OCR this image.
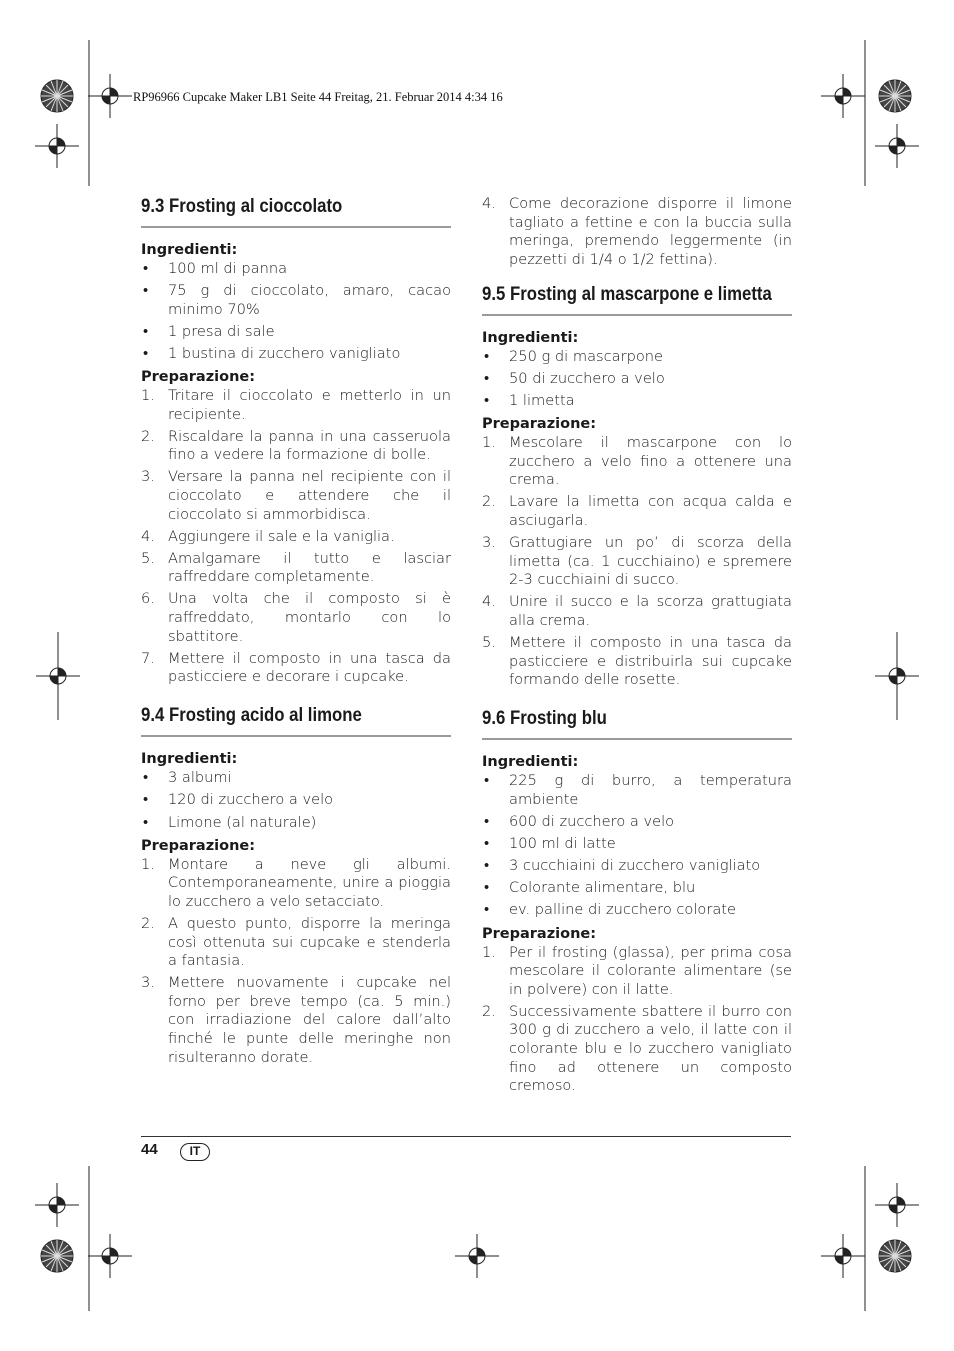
RP96966 Cupcake Maker LB1 Seite 44 Freitag, 21. Februar 2014 4:34 16
9.3 Frosting al cioccolato

Ingredienti:

• 100 ml di panna
• 75 g di cioccolato, amaro, cacao minimo 70%
• 1 presa di sale
• 1 bustina di zucchero vanigliato

Preparazione:

1. Tritare il cioccolato e metterlo in un recipiente.
2. Riscaldare la panna in una casseruola fino a vedere la formazione di bolle.
3. Versare la panna nel recipiente con il cioccolato e attendere che il cioccolato si ammorbidisca.
4. Aggiungere il sale e la vaniglia.
5. Amalgamare il tutto e lasciar raffreddare completamente.
6. Una volta che il composto si è raffreddato, montarlo con lo sbattitore.
7. Mettere il composto in una tasca da pasticciere e decorare i cupcake.
9.4 Frosting acido al limone

Ingredienti:

• 3 albumi
• 120 di zucchero a velo
• Limone (al naturale)

Preparazione:

1. Montare a neve gli albumi. Contemporaneamente, unire a pioggia lo zucchero a velo setacciato.
2. A questo punto, disporre la meringa così ottenuta sui cupcake e stenderla a fantasia.
3. Mettere nuovamente i cupcake nel forno per breve tempo (ca. 5 min.) con irradiazione del calore dall’alto finché le punte delle meringhe non risulteranno dorate.
4. Come decorazione disporre il limone tagliato a fettine e con la buccia sulla meringa, premendo leggermente (in pezzetti di 1/4 o 1/2 fettina).
9.5 Frosting al mascarpone e limetta

Ingredienti:

• 250 g di mascarpone
• 50 di zucchero a velo
• 1 limetta

Preparazione:

1. Mescolare il mascarpone con lo zucchero a velo fino a ottenere una crema.
2. Lavare la limetta con acqua calda e asciugarla.
3. Grattugiare un po’ di scorza della limetta (ca. 1 cucchiaino) e spremere 2-3 cucchiaini di succo.
4. Unire il succo e la scorza grattugiata alla crema.
5. Mettere il composto in una tasca da pasticciere e distribuirla sui cupcake formando delle rosette.
9.6 Frosting blu

Ingredienti:

• 225 g di burro, a temperatura ambiente
• 600 di zucchero a velo
• 100 ml di latte
• 3 cucchiaini di zucchero vanigliato
• Colorante alimentare, blu
• ev. palline di zucchero colorate

Preparazione:

1. Per il frosting (glassa), per prima cosa mescolare il colorante alimentare (se in polvere) con il latte.
2. Successivamente sbattere il burro con 300 g di zucchero a velo, il latte con il colorante blu e lo zucchero vanigliato fino ad ottenere un composto cremoso.
44	IT
